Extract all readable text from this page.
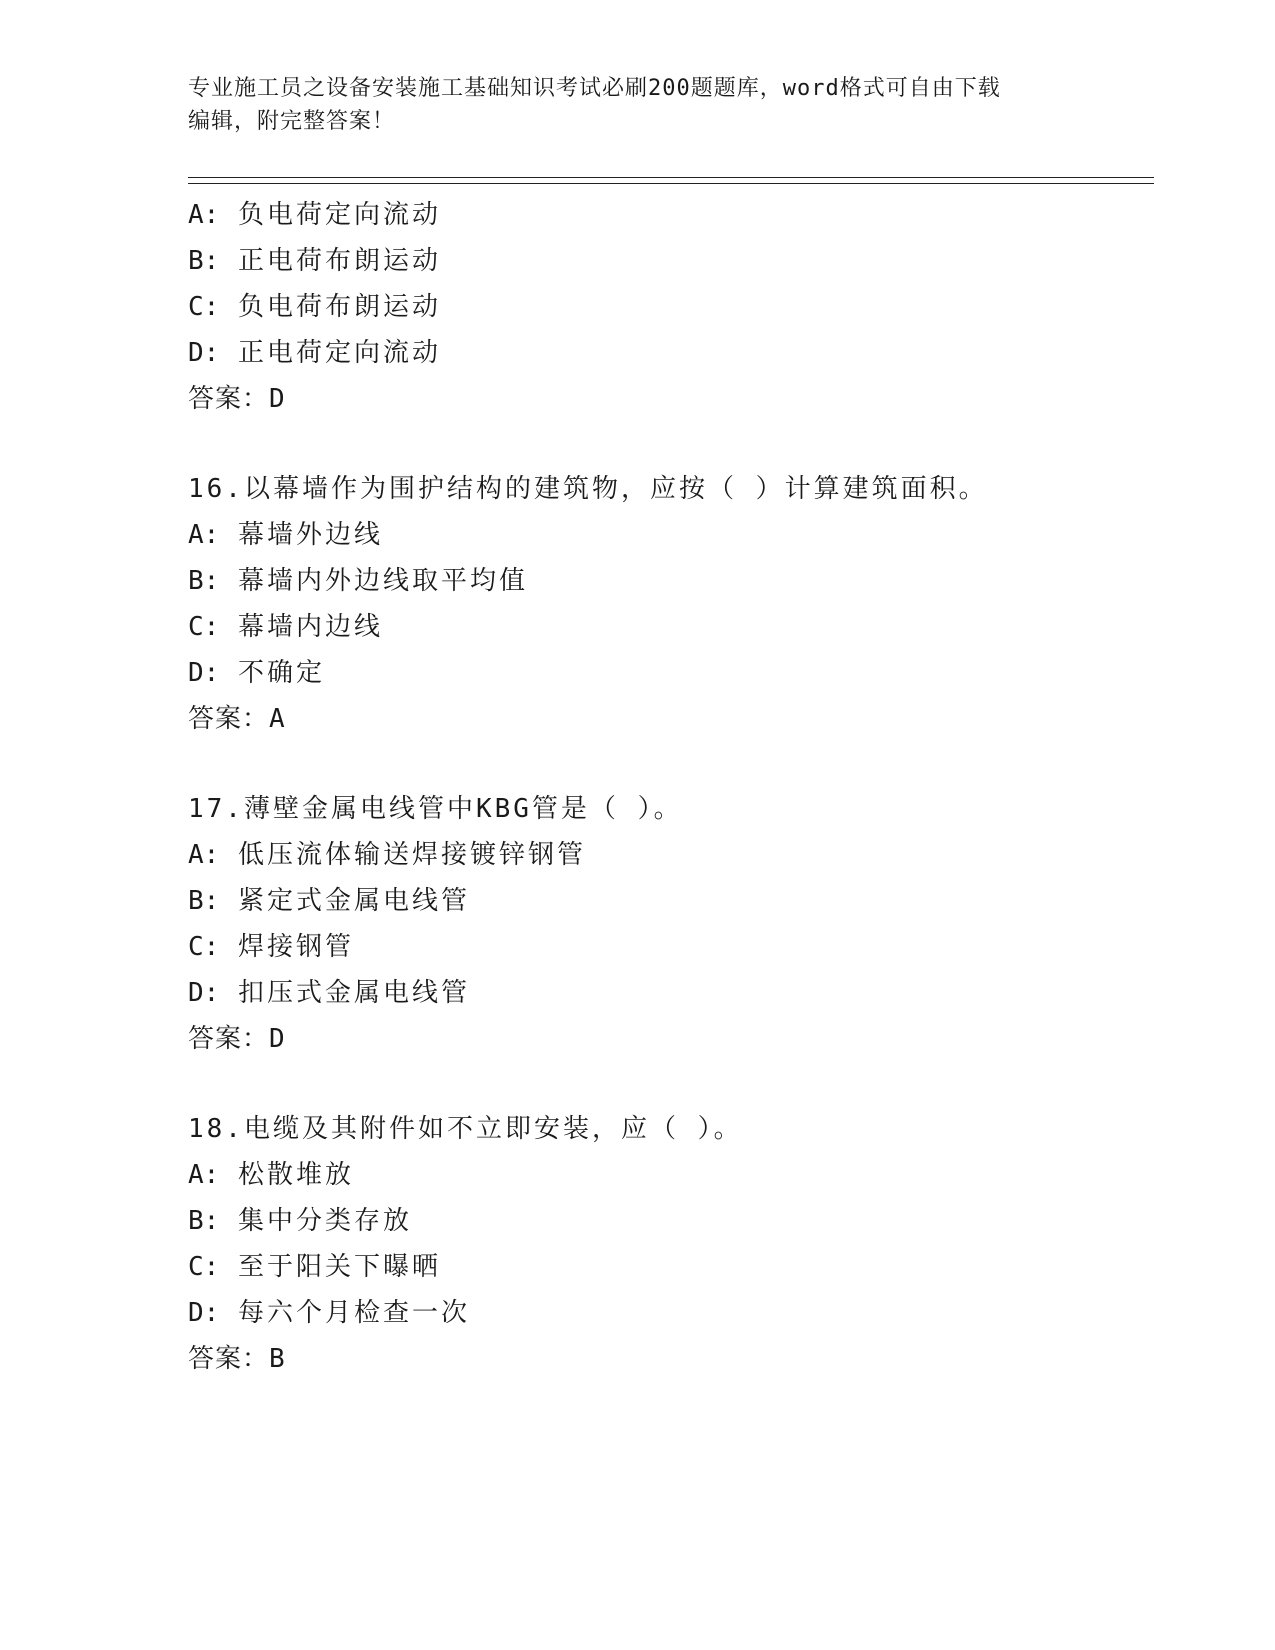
专业施工员之设备安装施工基础知识考试必刷200题题库，word格式可自由下载
编辑，附完整答案！
A: 负电荷定向流动
B: 正电荷布朗运动
C: 负电荷布朗运动
D: 正电荷定向流动
答案：D
16.以幕墙作为围护结构的建筑物，应按（ ）计算建筑面积。
A: 幕墙外边线
B: 幕墙内外边线取平均值
C: 幕墙内边线
D: 不确定
答案：A
17.薄壁金属电线管中KBG管是（ ）。
A: 低压流体输送焊接镀锌钢管
B: 紧定式金属电线管
C: 焊接钢管
D: 扣压式金属电线管
答案：D
18.电缆及其附件如不立即安装，应（ ）。
A: 松散堆放
B: 集中分类存放
C: 至于阳关下曝晒
D: 每六个月检查一次
答案：B
